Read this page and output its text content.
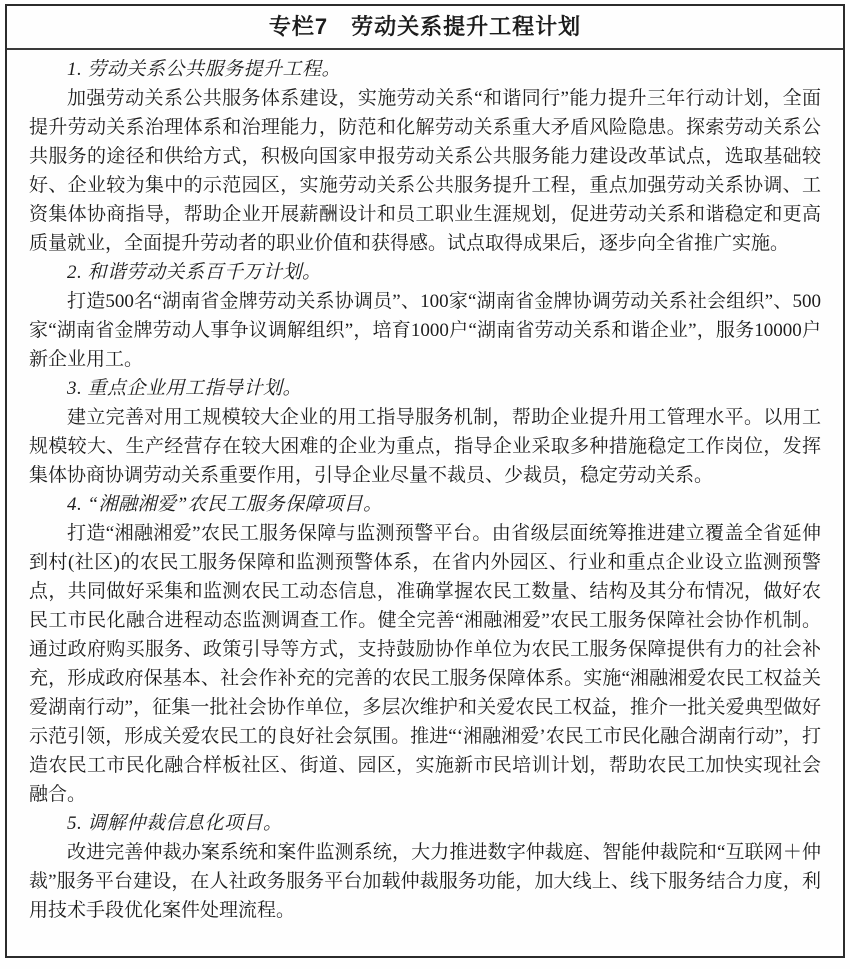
专栏7　劳动关系提升工程计划
1. 劳动关系公共服务提升工程。
加强劳动关系公共服务体系建设，实施劳动关系“和谐同行”能力提升三年行动计划，全面提升劳动关系治理体系和治理能力，防范和化解劳动关系重大矛盾风险隐患。探索劳动关系公共服务的途径和供给方式，积极向国家申报劳动关系公共服务能力建设改革试点，选取基础较好、企业较为集中的示范园区，实施劳动关系公共服务提升工程，重点加强劳动关系协调、工资集体协商指导，帮助企业开展薪酬设计和员工职业生涯规划，促进劳动关系和谐稳定和更高质量就业，全面提升劳动者的职业价值和获得感。试点取得成果后，逐步向全省推广实施。
2. 和谐劳动关系百千万计划。
打造500名“湖南省金牌劳动关系协调员”、100家“湖南省金牌协调劳动关系社会组织”、500家“湖南省金牌劳动人事争议调解组织”，培育1000户“湖南省劳动关系和谐企业”，服务10000户新企业用工。
3. 重点企业用工指导计划。
建立完善对用工规模较大企业的用工指导服务机制，帮助企业提升用工管理水平。以用工规模较大、生产经营存在较大困难的企业为重点，指导企业采取多种措施稳定工作岗位，发挥集体协商协调劳动关系重要作用，引导企业尽量不裁员、少裁员，稳定劳动关系。
4. “湘融湘爱”农民工服务保障项目。
打造“湘融湘爱”农民工服务保障与监测预警平台。由省级层面统筹推进建立覆盖全省延伸到村(社区)的农民工服务保障和监测预警体系，在省内外园区、行业和重点企业设立监测预警点，共同做好采集和监测农民工动态信息，准确掌握农民工数量、结构及其分布情况，做好农民工市民化融合进程动态监测调查工作。健全完善“湘融湘爱”农民工服务保障社会协作机制。通过政府购买服务、政策引导等方式，支持鼓励协作单位为农民工服务保障提供有力的社会补充，形成政府保基本、社会作补充的完善的农民工服务保障体系。实施“湘融湘爱农民工权益关爱湖南行动”，征集一批社会协作单位，多层次维护和关爱农民工权益，推介一批关爱典型做好示范引领，形成关爱农民工的良好社会氛围。推进“‘湘融湘爱’农民工市民化融合湖南行动”，打造农民工市民化融合样板社区、街道、园区，实施新市民培训计划，帮助农民工加快实现社会融合。
5. 调解仲裁信息化项目。
改进完善仲裁办案系统和案件监测系统，大力推进数字仲裁庭、智能仲裁院和“互联网＋仲裁”服务平台建设，在人社政务服务平台加载仲裁服务功能，加大线上、线下服务结合力度，利用技术手段优化案件处理流程。
